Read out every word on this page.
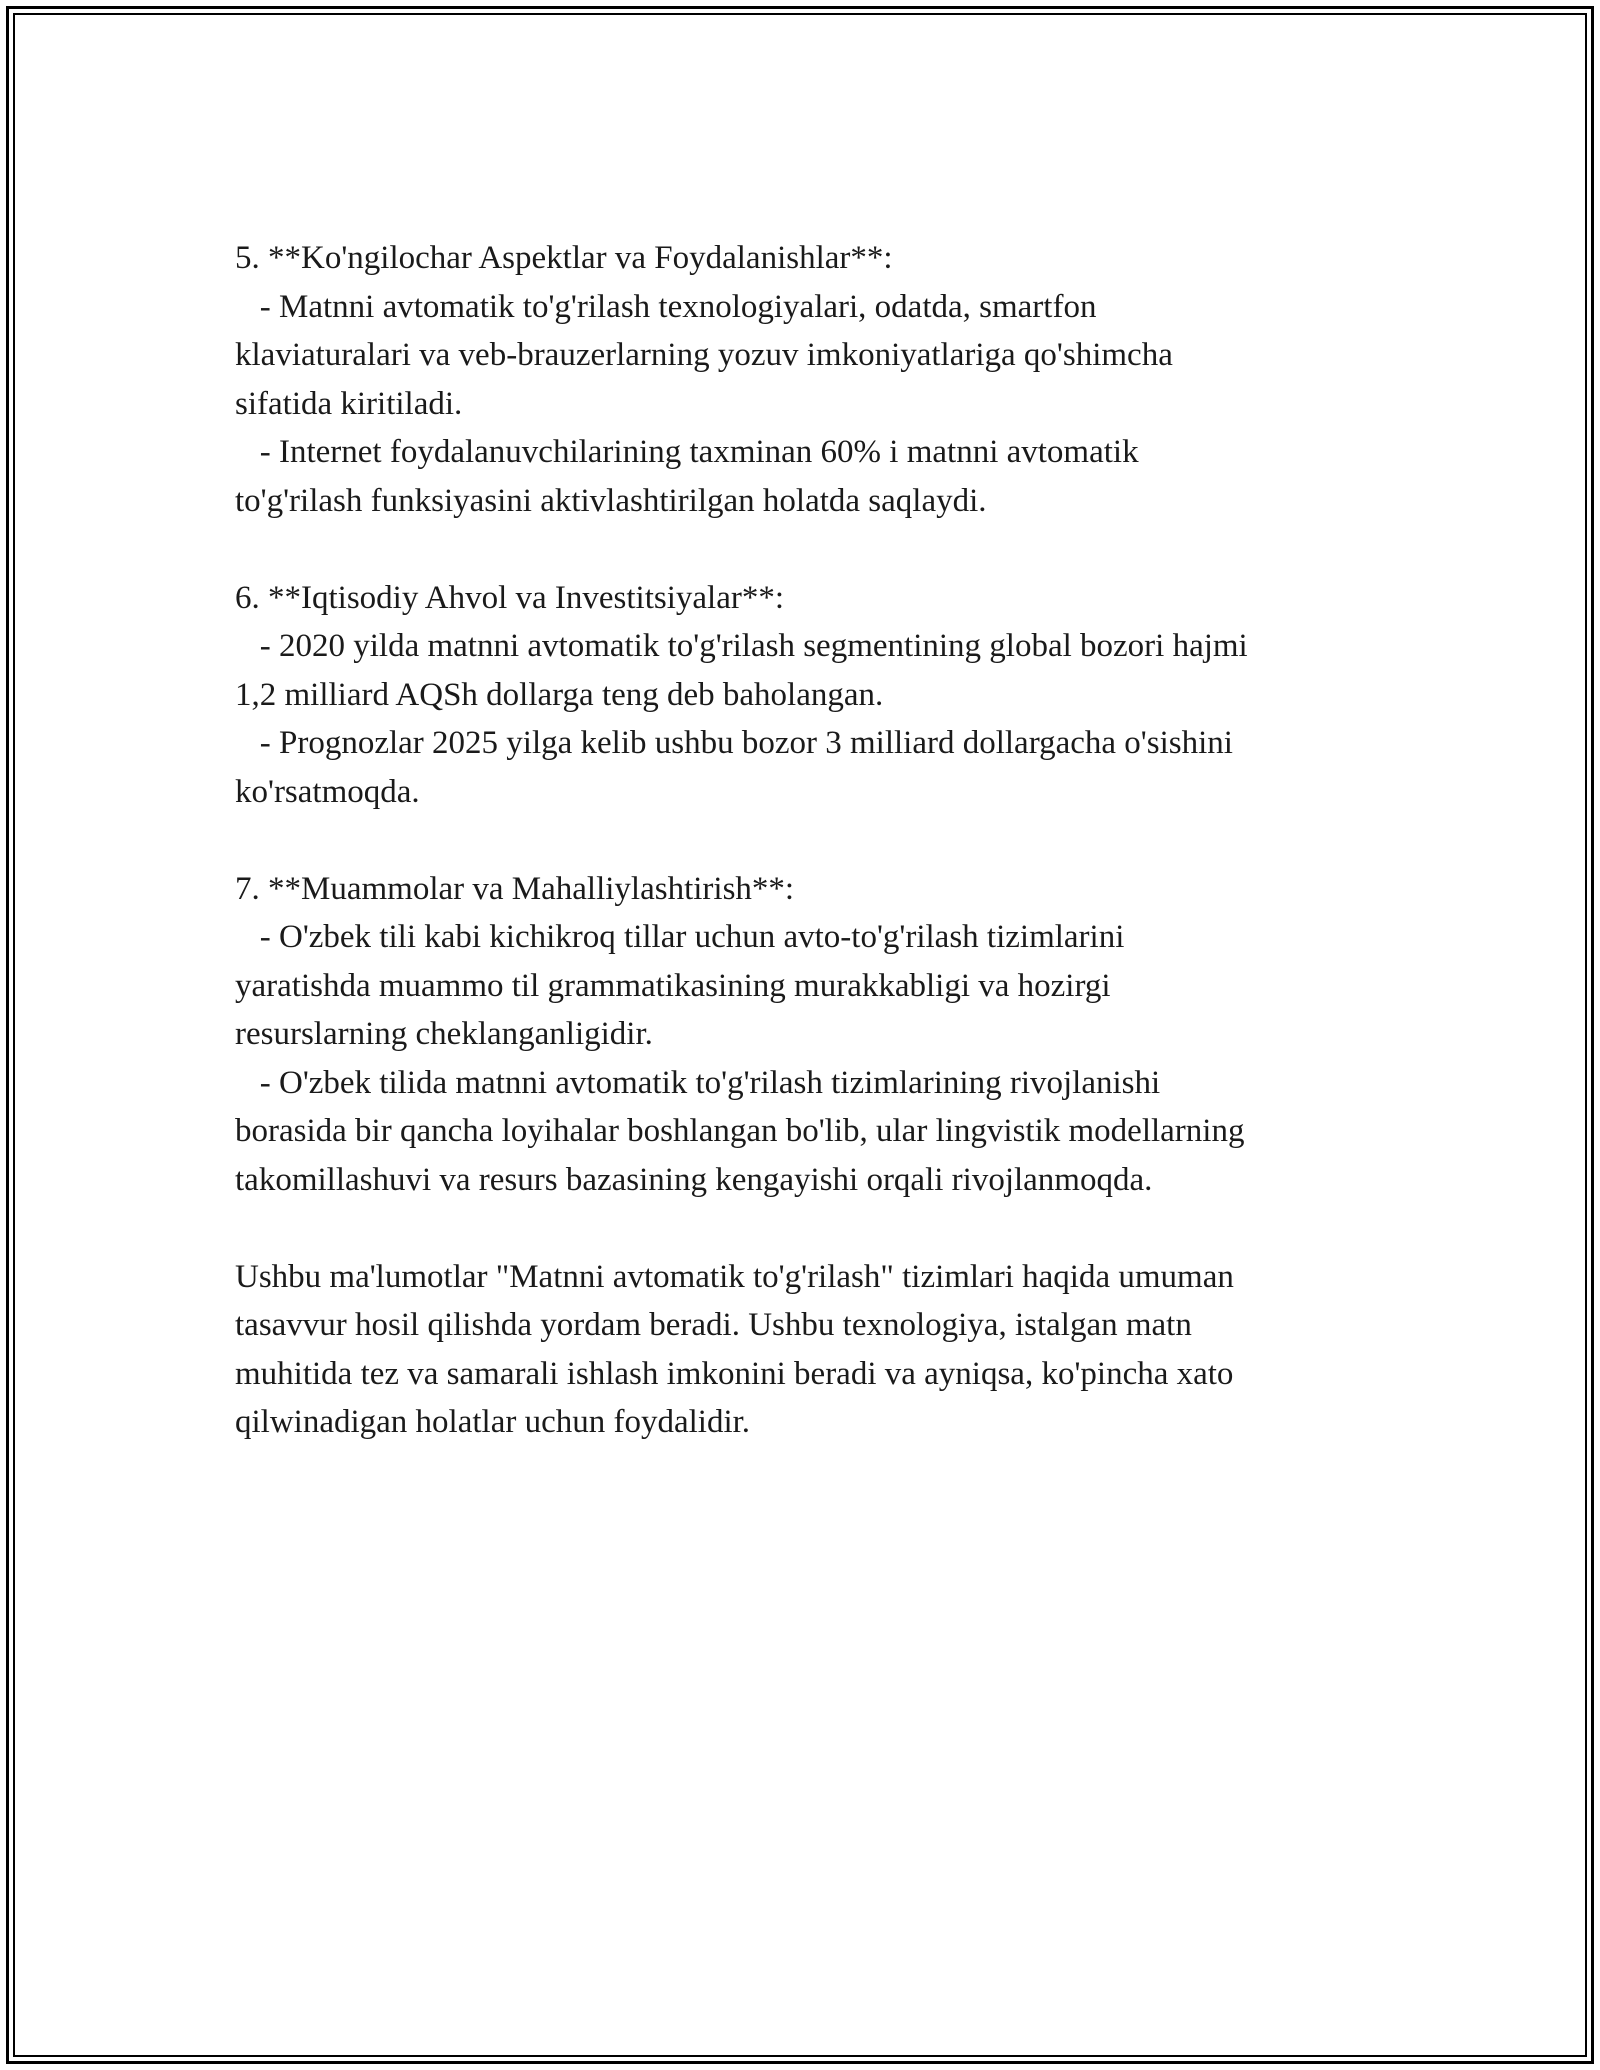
5. **Ko'ngilochar Aspektlar va Foydalanishlar**:
- Matnni avtomatik to'g'rilash texnologiyalari, odatda, smartfon
klaviaturalari va veb-brauzerlarning yozuv imkoniyatlariga qo'shimcha
sifatida kiritiladi.
- Internet foydalanuvchilarining taxminan 60% i matnni avtomatik
to'g'rilash funksiyasini aktivlashtirilgan holatda saqlaydi.
6. **Iqtisodiy Ahvol va Investitsiyalar**:
- 2020 yilda matnni avtomatik to'g'rilash segmentining global bozori hajmi
1,2 milliard AQSh dollarga teng deb baholangan.
- Prognozlar 2025 yilga kelib ushbu bozor 3 milliard dollargacha o'sishini
ko'rsatmoqda.
7. **Muammolar va Mahalliylashtirish**:
- O'zbek tili kabi kichikroq tillar uchun avto-to'g'rilash tizimlarini
yaratishda muammo til grammatikasining murakkabligi va hozirgi
resurslarning cheklanganligidir.
- O'zbek tilida matnni avtomatik to'g'rilash tizimlarining rivojlanishi
borasida bir qancha loyihalar boshlangan bo'lib, ular lingvistik modellarning
takomillashuvi va resurs bazasining kengayishi orqali rivojlanmoqda.
Ushbu ma'lumotlar "Matnni avtomatik to'g'rilash" tizimlari haqida umuman
tasavvur hosil qilishda yordam beradi. Ushbu texnologiya, istalgan matn
muhitida tez va samarali ishlash imkonini beradi va ayniqsa, ko'pincha xato
qilwinadigan holatlar uchun foydalidir.
